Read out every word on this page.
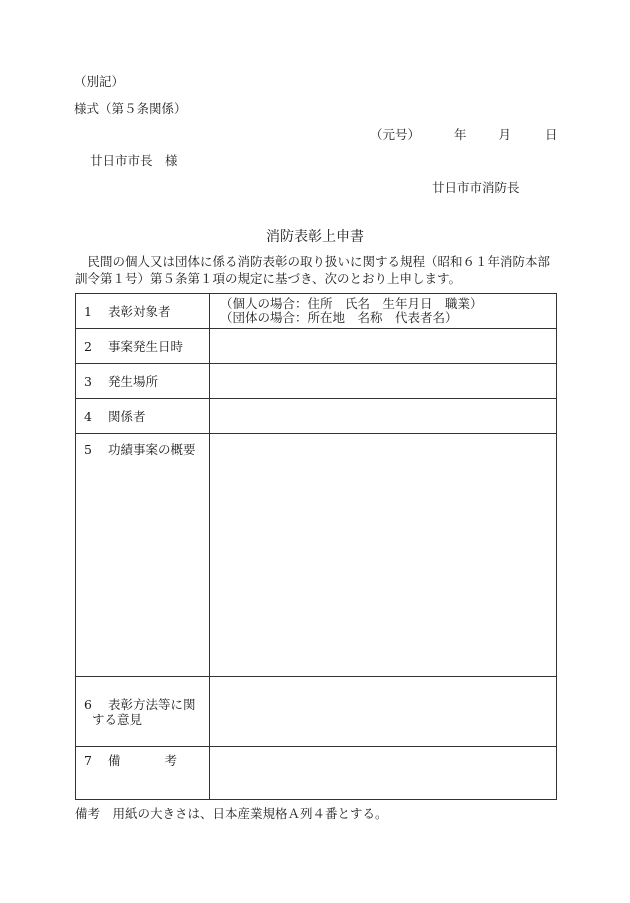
（別記）
様式（第５条関係）
（元号）	年	月	日
廿日市市長　様
廿日市市消防長
消防表彰上申書
民間の個人又は団体に係る消防表彰の取り扱いに関する規程（昭和６１年消防本部訓令第１号）第５条第１項の規定に基づき、次のとおり上申します。
1 表彰対象者	（個人の場合：住所　氏名　生年月日　職業）
（団体の場合：所在地　名称　代表者名）

2 事案発生日時	
3 発生場所	
4 関係者	
5 功績事案の概要	
6 表彰方法等に関
する意見	

7 備 考	
備考　用紙の大きさは、日本産業規格Ａ列４番とする。
